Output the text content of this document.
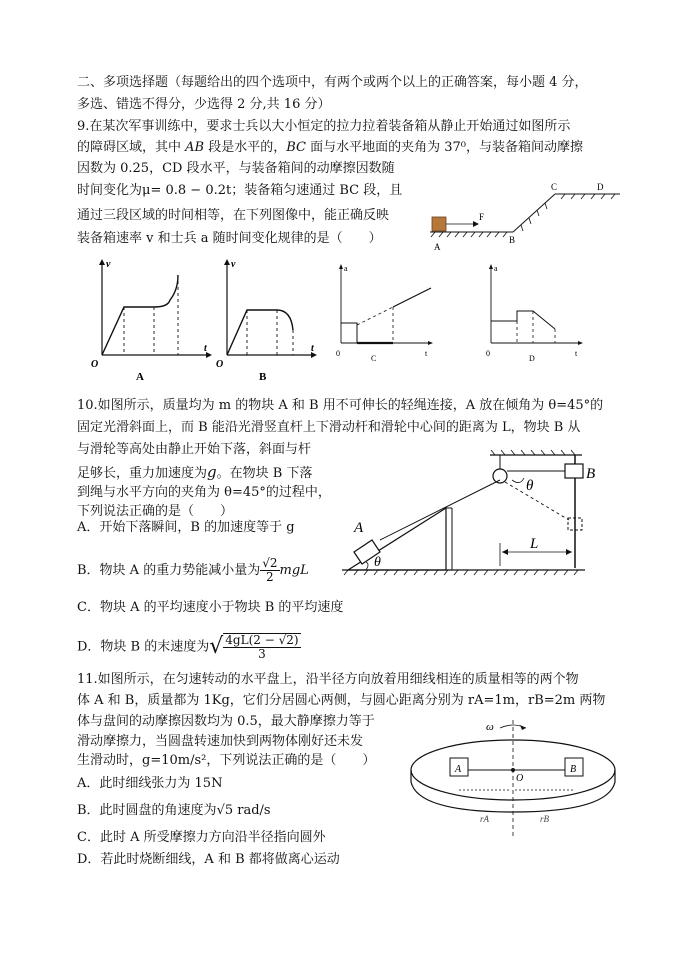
二、多项选择题（每题给出的四个选项中，有两个或两个以上的正确答案，每小题 4 分，
多选、错选不得分，少选得 2 分,共 16 分）
9.在某次军事训练中，要求士兵以大小恒定的拉力拉着装备箱从静止开始通过如图所示
的障碍区域，其中 AB 段是水平的，BC 面与水平地面的夹角为 37⁰，与装备箱间动摩擦
因数为 0.25，CD 段水平，与装备箱间的动摩擦因数随
时间变化为μ= 0.8 − 0.2t；装备箱匀速通过 BC 段，且
通过三段区域的时间相等，在下列图像中，能正确反映
装备箱速率 v 和士兵 a 随时间变化规律的是（　　）
F
A
B
C	D
v
t
O
A
v
t
O
B
a
t
0
C
a
t
0
D
10.如图所示，质量均为 m 的物块 A 和 B 用不可伸长的轻绳连接，A 放在倾角为 θ=45°的
固定光滑斜面上，而 B 能沿光滑竖直杆上下滑动杆和滑轮中心间的距离为 L，物块 B 从
与滑轮等高处由静止开始下落，斜面与杆
足够长，重力加速度为g。在物块 B 下落
到绳与水平方向的夹角为 θ=45°的过程中，
下列说法正确的是（　　）
A．开始下落瞬间，B 的加速度等于 g
B．物块 A 的重力势能减小量为 $\frac{√2}{2}$ mgL
C．物块 A 的平均速度小于物块 B 的平均速度
D．物块 B 的末速度为√ $\frac{4gL(2 - √2)}{3}$
B
θ
A
θ
L
11.如图所示，在匀速转动的水平盘上，沿半径方向放着用细线相连的质量相等的两个物
体 A 和 B，质量都为 1Kg，它们分居圆心两侧，与圆心距离分别为 rA=1m，rB=2m 两物
体与盘间的动摩擦因数均为 0.5，最大静摩擦力等于
滑动摩擦力，当圆盘转速加快到两物体刚好还未发
生滑动时，g=10m/s²，下列说法正确的是（　　）
A．此时细线张力为 15N
B．此时圆盘的角速度为√5 rad/s
C．此时 A 所受摩擦力方向沿半径指向圆外
D．若此时烧断细线，A 和 B 都将做离心运动
ω
A	B
O
rA	rB
